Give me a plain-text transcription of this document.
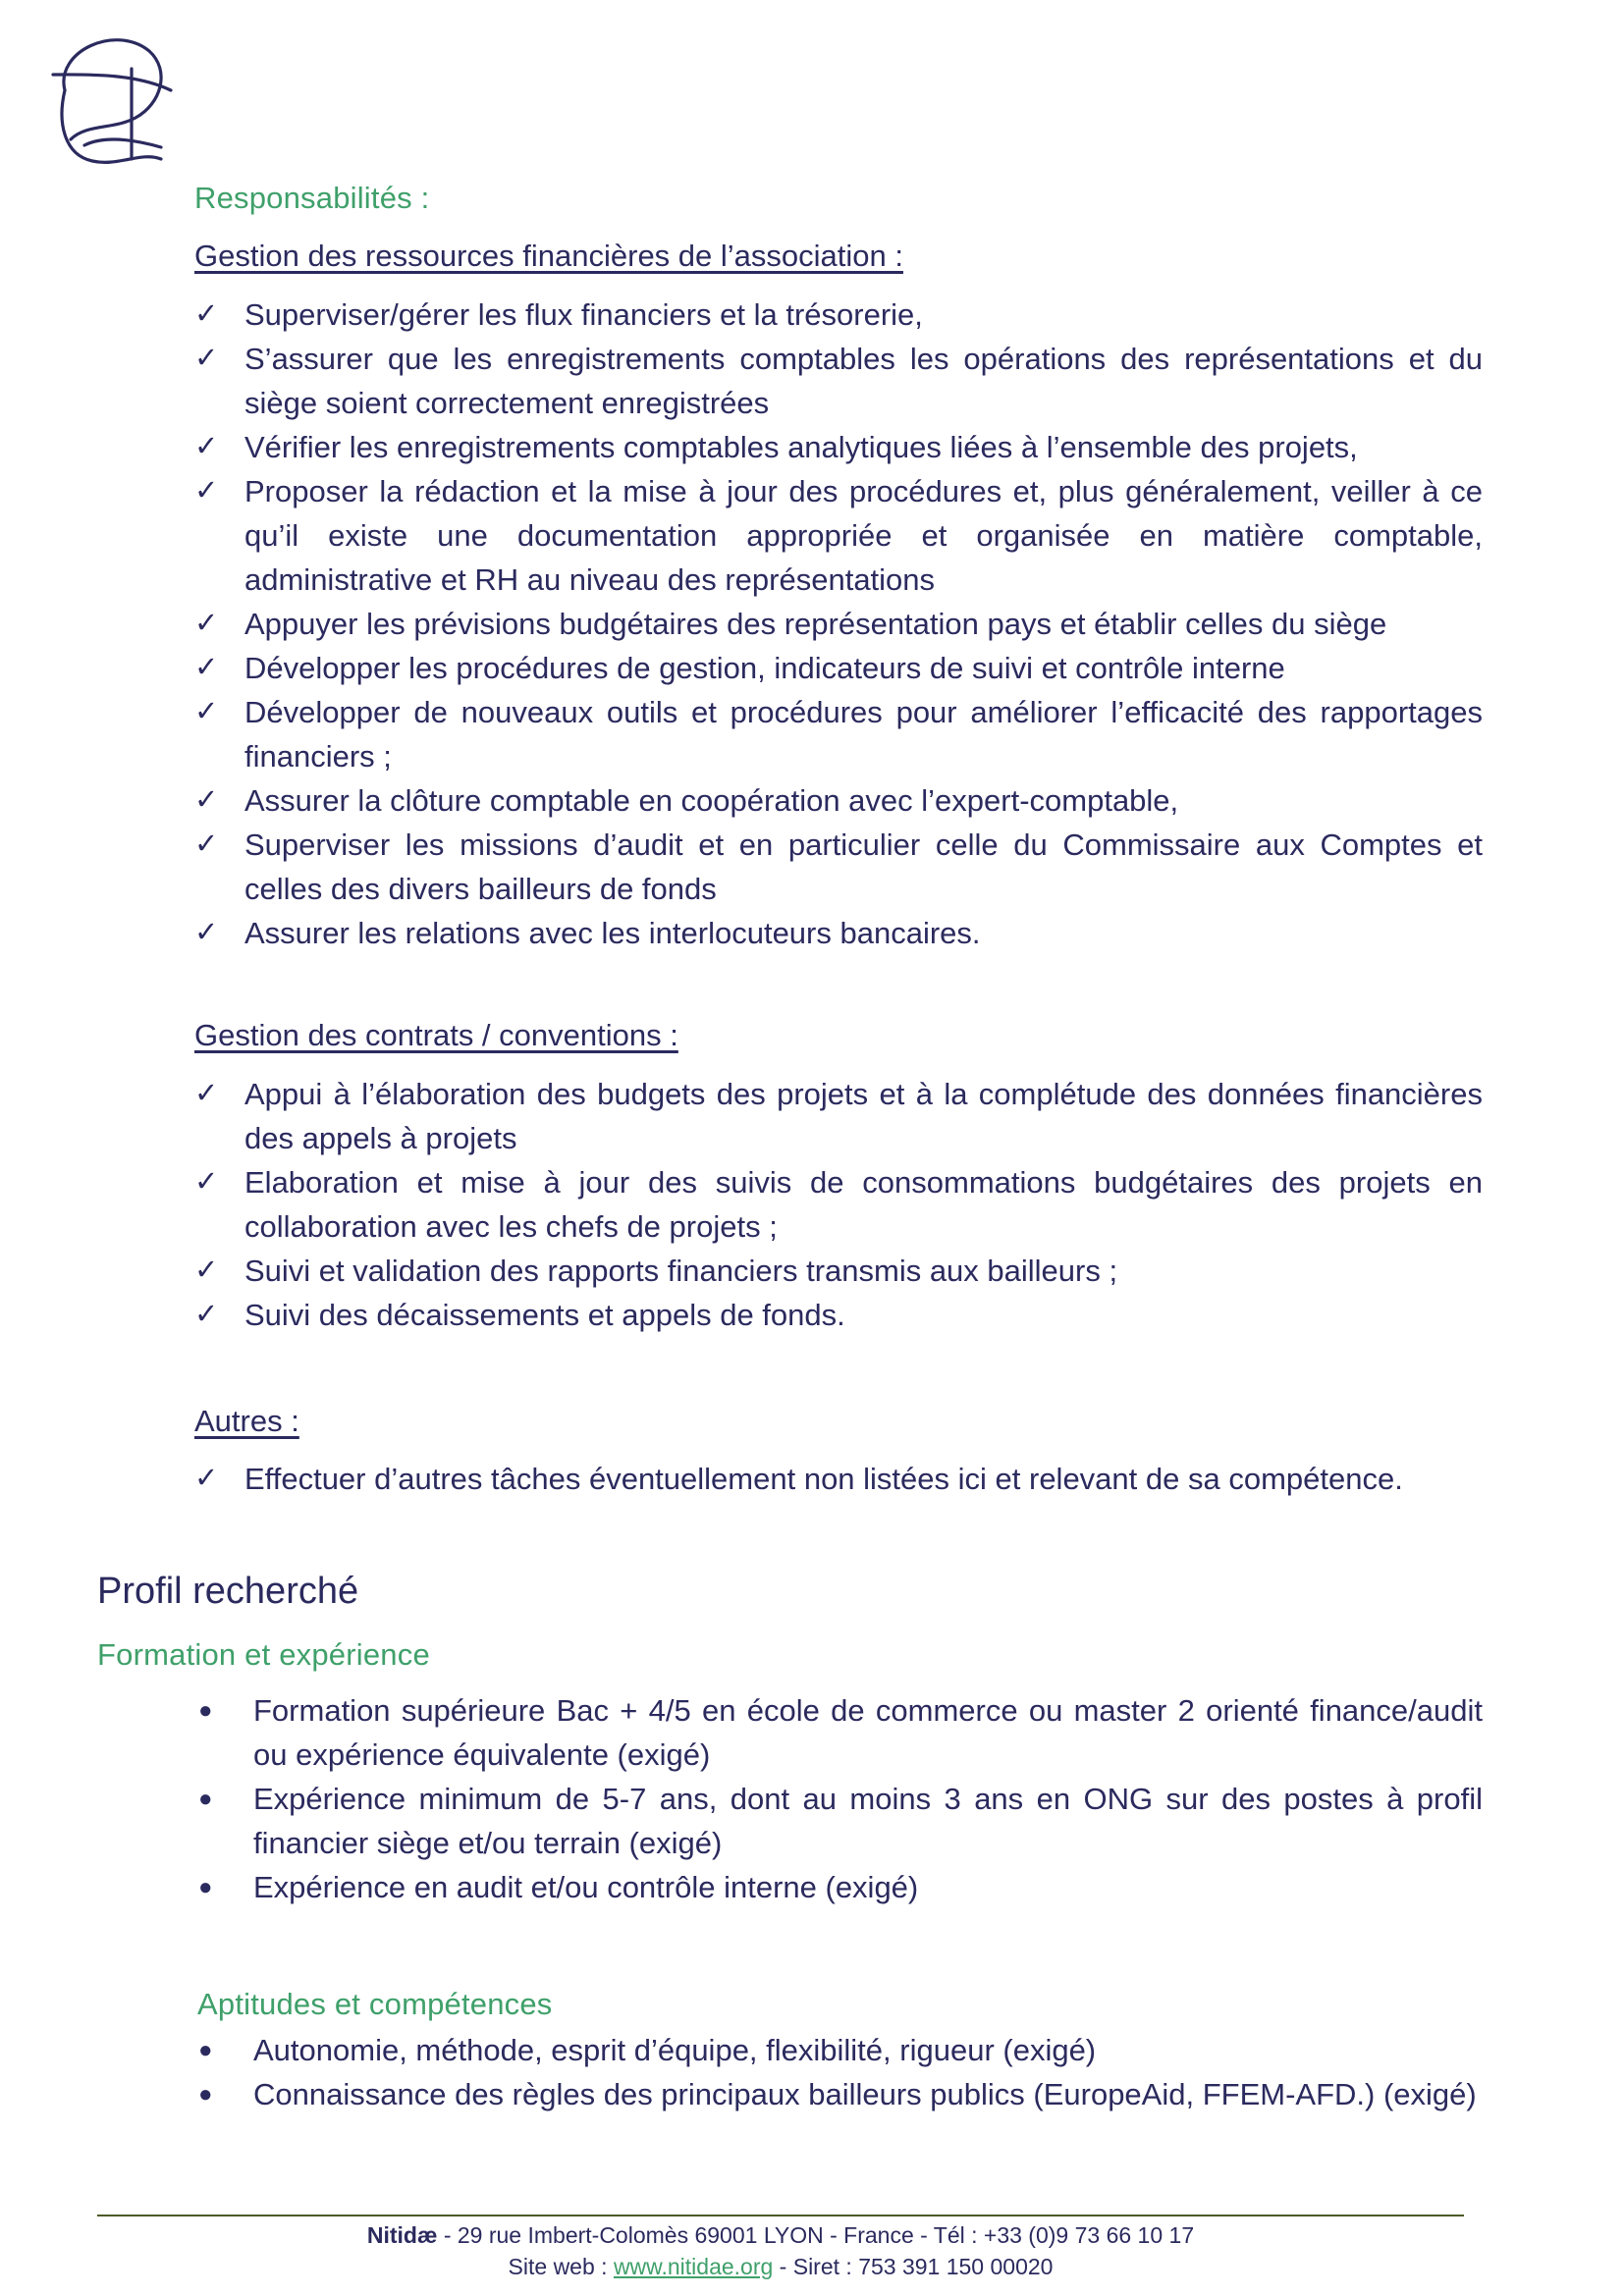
Responsabilités :
Gestion des ressources financières de l’association :
✓ Superviser/gérer les flux financiers et la trésorerie,
✓ S’assurer que les enregistrements comptables les opérations des représentations et du siège soient correctement enregistrées
✓ Vérifier les enregistrements comptables analytiques liées à l’ensemble des projets,
✓ Proposer la rédaction et la mise à jour des procédures et, plus généralement, veiller à ce qu’il existe une documentation appropriée et organisée en matière comptable, administrative et RH au niveau des représentations
✓ Appuyer les prévisions budgétaires des représentation pays et établir celles du siège
✓ Développer les procédures de gestion, indicateurs de suivi et contrôle interne
✓ Développer de nouveaux outils et procédures pour améliorer l’efficacité des rapportages financiers ;
✓ Assurer la clôture comptable en coopération avec l’expert-comptable,
✓ Superviser les missions d’audit et en particulier celle du Commissaire aux Comptes et celles des divers bailleurs de fonds
✓ Assurer les relations avec les interlocuteurs bancaires.
Gestion des contrats / conventions :
✓ Appui à l’élaboration des budgets des projets et à la complétude des données financières des appels à projets
✓ Elaboration et mise à jour des suivis de consommations budgétaires des projets en collaboration avec les chefs de projets ;
✓ Suivi et validation des rapports financiers transmis aux bailleurs ;
✓ Suivi des décaissements et appels de fonds.
Autres :
✓ Effectuer d’autres tâches éventuellement non listées ici et relevant de sa compétence.
Profil recherché
Formation et expérience
● Formation supérieure Bac + 4/5 en école de commerce ou master 2 orienté finance/audit ou expérience équivalente (exigé)
● Expérience minimum de 5-7 ans, dont au moins 3 ans en ONG sur des postes à profil financier siège et/ou terrain (exigé)
● Expérience en audit et/ou contrôle interne (exigé)
Aptitudes et compétences
● Autonomie, méthode, esprit d’équipe, flexibilité, rigueur (exigé)
● Connaissance des règles des principaux bailleurs publics (EuropeAid, FFEM-AFD.) (exigé)
Nitidæ - 29 rue Imbert-Colomès 69001 LYON - France - Tél : +33 (0)9 73 66 10 17
Site web : www.nitidae.org - Siret : 753 391 150 00020
